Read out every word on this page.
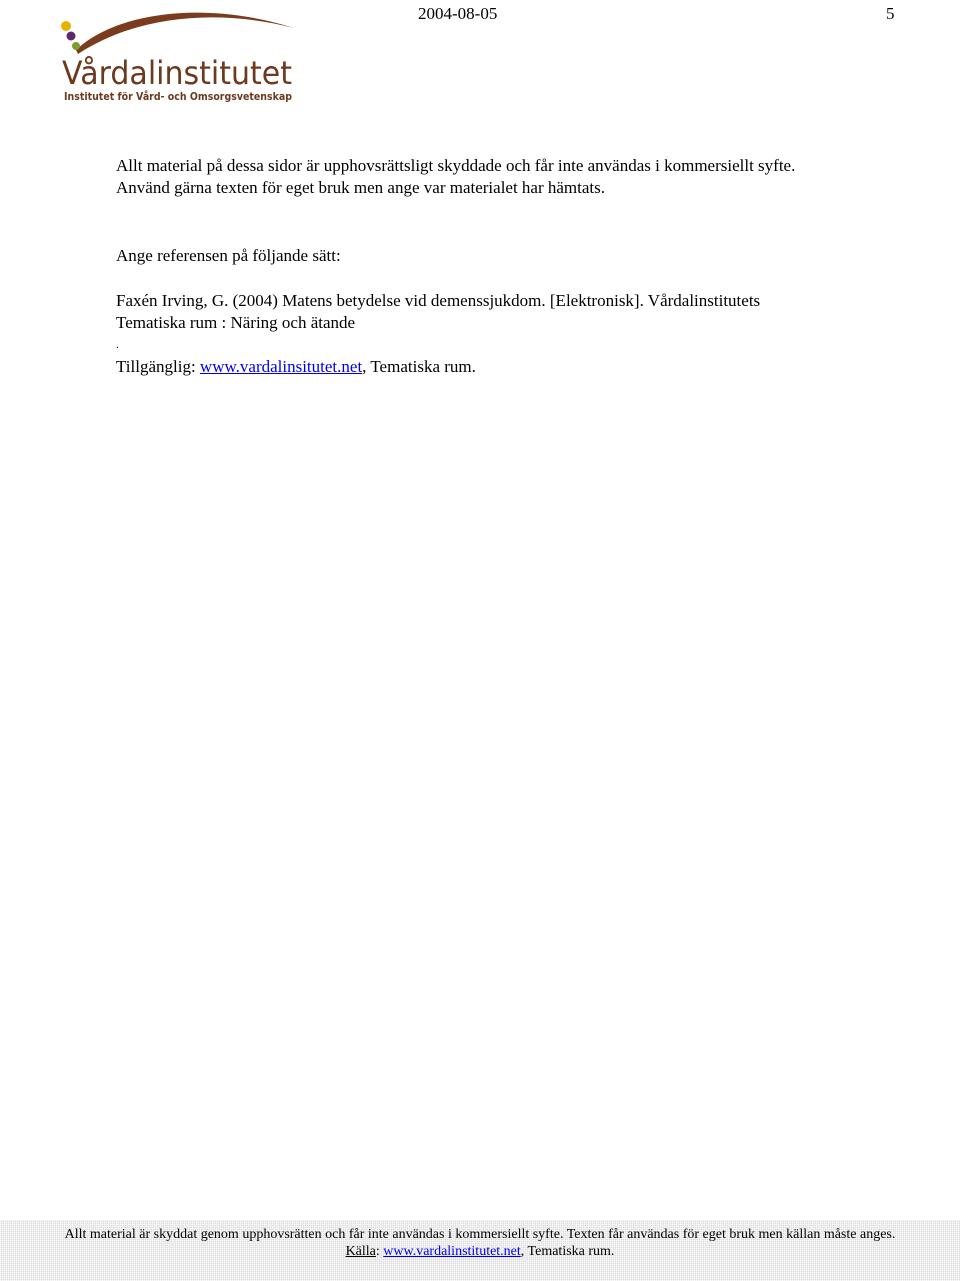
2004-08-05	5
Vårdalinstitutet
Institutet för Vård- och Omsorgsvetenskap
Allt material på dessa sidor är upphovsrättsligt skyddade och får inte användas i kommersiellt syfte.
Använd gärna texten för eget bruk men ange var materialet har hämtats.
Ange referensen på följande sätt:
Faxén Irving, G. (2004) Matens betydelse vid demenssjukdom. [Elektronisk]. Vårdalinstitutets
Tematiska rum : Näring och ätande
.
Tillgänglig: www.vardalinsitutet.net, Tematiska rum.
Allt material är skyddat genom upphovsrätten och får inte användas i kommersiellt syfte. Texten får användas för eget bruk men källan måste anges.
Källa: www.vardalinstitutet.net, Tematiska rum.
